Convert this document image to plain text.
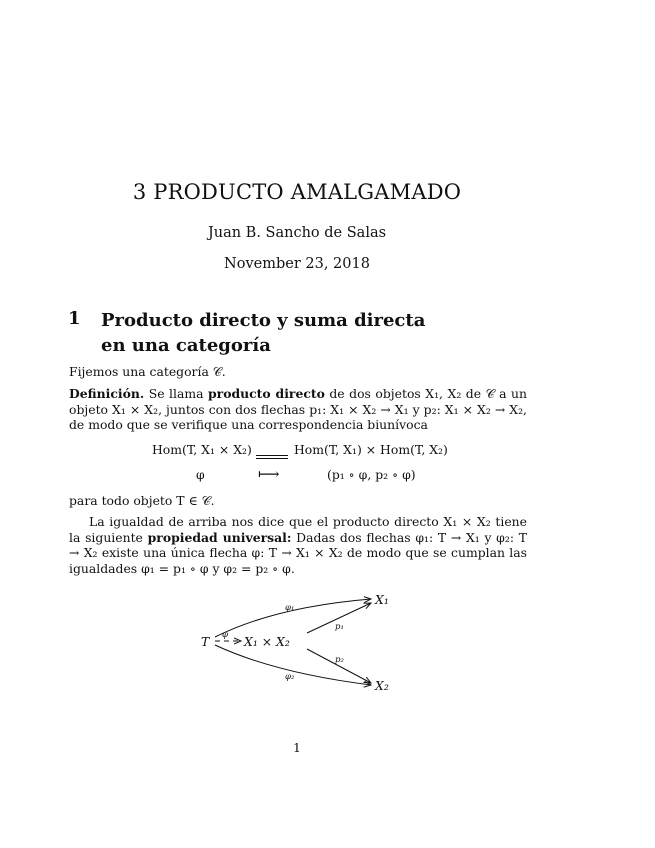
3 PRODUCTO AMALGAMADO
Juan B. Sancho de Salas
November 23, 2018
1 Producto directo y suma directa
en una categoría
Fijemos una categoría 𝒞.
Definición. Se llama producto directo de dos objetos X₁, X₂ de 𝒞 a un objeto X₁ × X₂, juntos con dos flechas p₁: X₁ × X₂ → X₁ y p₂: X₁ × X₂ → X₂, de modo que se verifique una correspondencia biunívoca
Hom(T, X₁ × X₂)	Hom(T, X₁) × Hom(T, X₂)
φ	⟼	(p₁ ∘ φ, p₂ ∘ φ)
para todo objeto T ∈ 𝒞.
La igualdad de arriba nos dice que el producto directo X₁ × X₂ tiene la siguiente propiedad universal: Dadas dos flechas φ₁: T → X₁ y φ₂: T → X₂ existe una única flecha φ: T → X₁ × X₂ de modo que se cumplan las igualdades φ₁ = p₁ ∘ φ y φ₂ = p₂ ∘ φ.
T	X₁ × X₂
X₁
X₂
φ₁
φ₂
φ
p₁
p₂
1
